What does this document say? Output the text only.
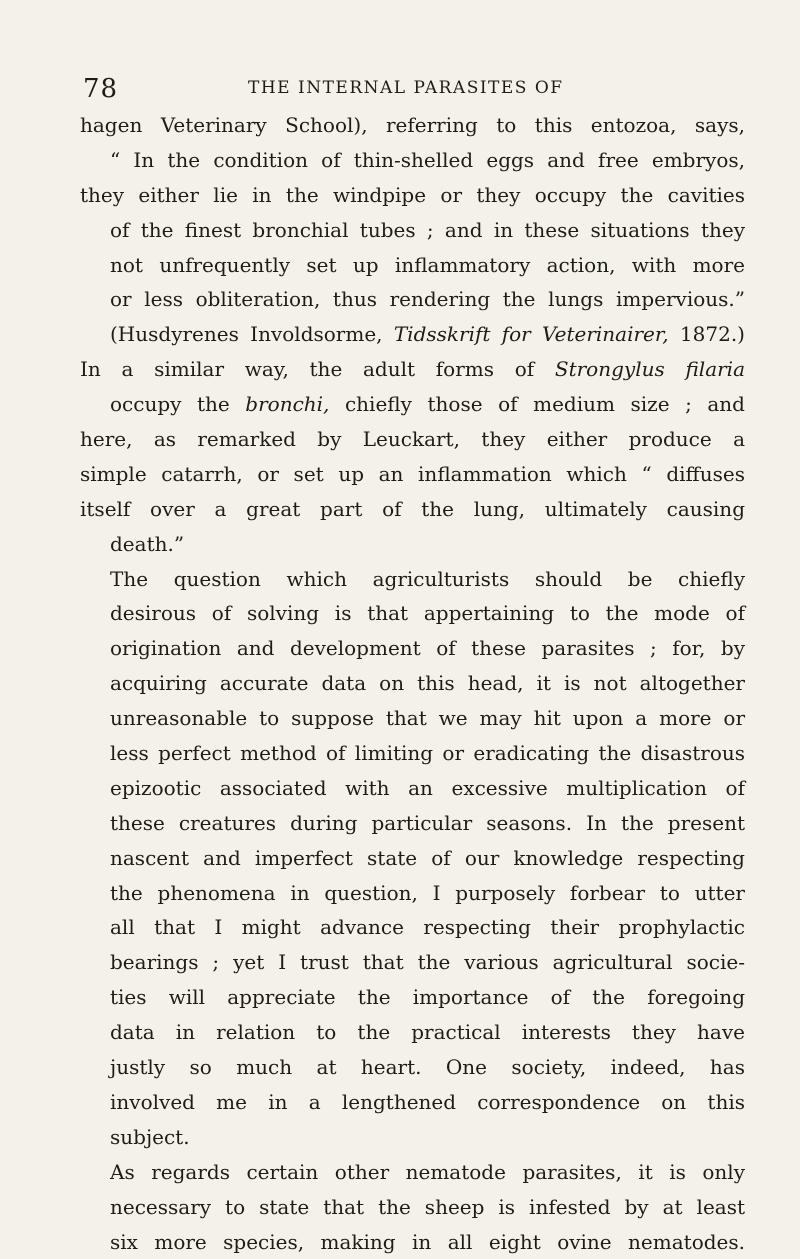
78	THE INTERNAL PARASITES OF
hagen Veterinary School), referring to this entozoa, says,
“ In the condition of thin-shelled eggs and free embryos,
they either lie in the windpipe or they occupy the cavities
of the finest bronchial tubes ; and in these situations they
not unfrequently set up inflammatory action, with more
or less obliteration, thus rendering the lungs impervious.”
(Husdyrenes Involdsorme, Tidsskrift for Veterinairer, 1872.)
In a similar way, the adult forms of Strongylus filaria
occupy the bronchi, chiefly those of medium size ; and
here, as remarked by Leuckart, they either produce a
simple catarrh, or set up an inflammation which “ diffuses
itself over a great part of the lung, ultimately causing
death.”
The question which agriculturists should be chiefly
desirous of solving is that appertaining to the mode of
origination and development of these parasites ; for, by
acquiring accurate data on this head, it is not altogether
unreasonable to suppose that we may hit upon a more or
less perfect method of limiting or eradicating the disastrous
epizootic associated with an excessive multiplication of
these creatures during particular seasons. In the present
nascent and imperfect state of our knowledge respecting
the phenomena in question, I purposely forbear to utter
all that I might advance respecting their prophylactic
bearings ; yet I trust that the various agricultural socie-
ties will appreciate the importance of the foregoing
data in relation to the practical interests they have
justly so much at heart. One society, indeed, has
involved me in a lengthened correspondence on this
subject.
As regards certain other nematode parasites, it is only
necessary to state that the sheep is infested by at least
six more species, making in all eight ovine nematodes.
